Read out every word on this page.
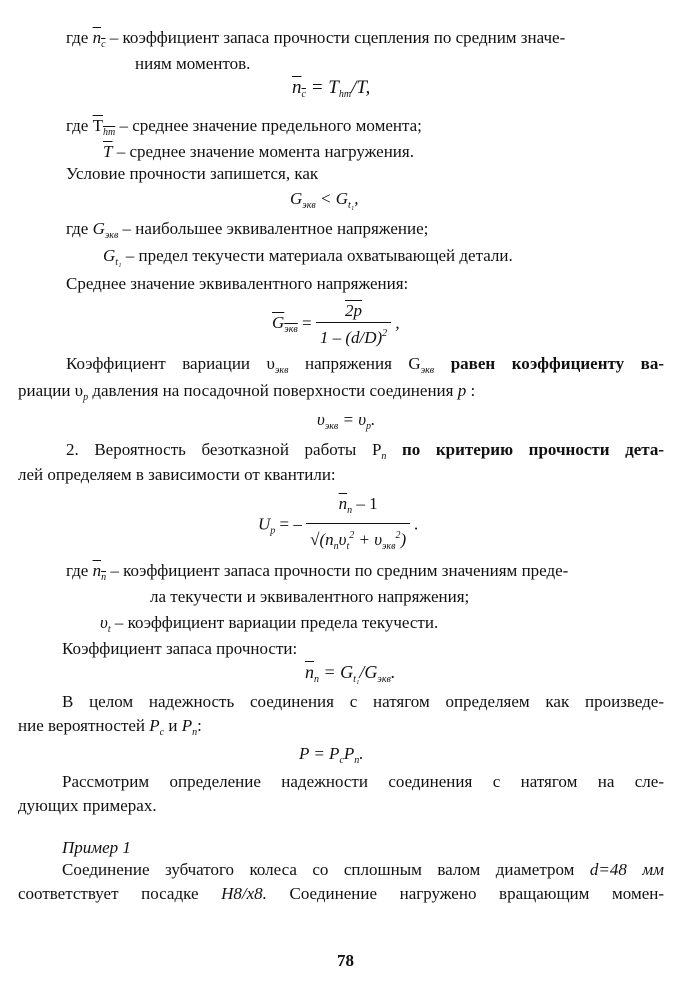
где $n_c$ – коэффициент запаса прочности сцепления по средним значе-
ниям моментов.
$n_c = T_{hm}/T$,
где $T_{hm}$ – среднее значение предельного момента;
$\overline{T}$ – среднее значение момента нагружения.
Условие прочности запишется, как
$G_{экв} < G_{t_1}$,
где $G_{экв}$ – наибольшее эквивалентное напряжение;
$G_{t_1}$ – предел текучести материала охватывающей детали.
Среднее значение эквивалентного напряжения:
$G_{экв} = \frac{2p}{1 - (d/D)^2}$ ,
Коэффициент вариации $\upsilon_{экв}$ напряжения $G_{экв}$ равен коэффициенту ва-
риации $\upsilon_p$ давления на посадочной поверхности соединения p :
$\upsilon_{экв} = \upsilon_p$.
2. Вероятность безотказной работы $P_п$ по критерию прочности дета-
лей определяем в зависимости от квантили:
$U_p$ = – $\frac{\overline{n}_п - 1}{√(n_п\upsilon_t^2 + \upsilon_{экв}^2)}$ .
где $n_п$ – коэффициент запаса прочности по средним значениям преде-
ла текучести и эквивалентного напряжения;
$\upsilon_t$ – коэффициент вариации предела текучести.
Коэффициент запаса прочности:
$\overline{n}_п = G_{t_1}/G_{экв}$.
В целом надежность соединения с натягом определяем как произведе-
ние вероятностей $P_c$ и $P_п$:
$P = P_cP_п$.
Рассмотрим определение надежности соединения с натягом на сле-
дующих примерах.
Пример 1
Соединение зубчатого колеса со сплошным валом диаметром d=48 мм
соответствует посадке H8/x8. Соединение нагружено вращающим момен-
78
